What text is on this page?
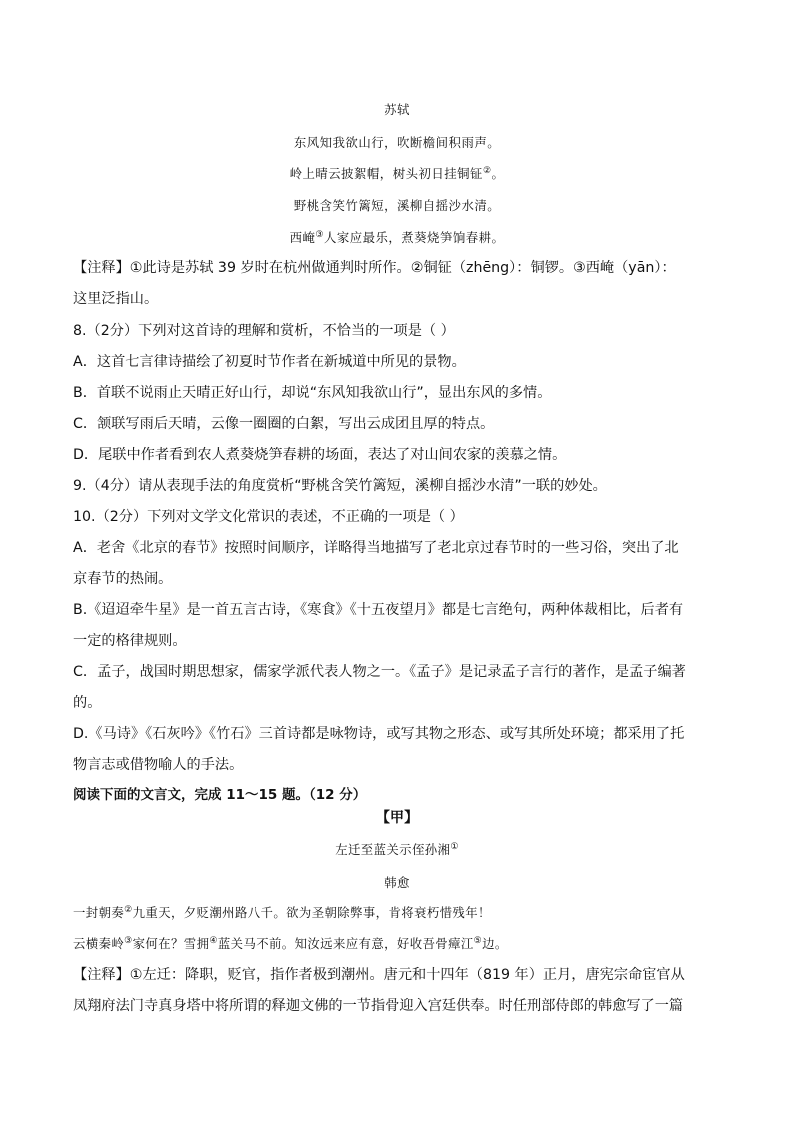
苏轼
东风知我欲山行，吹断檐间积雨声。
岭上晴云披絮帽，树头初日挂铜钲②。
野桃含笑竹篱短，溪柳自摇沙水清。
西崦③人家应最乐，煮葵烧笋饷春耕。
【注释】①此诗是苏轼 39 岁时在杭州做通判时所作。②铜钲（zhēng）：铜锣。③西崦（yān）：
这里泛指山。
8.（2分）下列对这首诗的理解和赏析，不恰当的一项是（ ）
A．这首七言律诗描绘了初夏时节作者在新城道中所见的景物。
B．首联不说雨止天晴正好山行，却说“东风知我欲山行”，显出东风的多情。
C．颔联写雨后天晴，云像一圈圈的白絮，写出云成团且厚的特点。
D．尾联中作者看到农人煮葵烧笋春耕的场面，表达了对山间农家的羡慕之情。
9.（4分）请从表现手法的角度赏析“野桃含笑竹篱短，溪柳自摇沙水清”一联的妙处。
10.（2分）下列对文学文化常识的表述，不正确的一项是（ ）
A．老舍《北京的春节》按照时间顺序，详略得当地描写了老北京过春节时的一些习俗，突出了北
京春节的热闹。
B.《迢迢牵牛星》是一首五言古诗，《寒食》《十五夜望月》都是七言绝句，两种体裁相比，后者有
一定的格律规则。
C．孟子，战国时期思想家，儒家学派代表人物之一。《孟子》是记录孟子言行的著作，是孟子编著
的。
D.《马诗》《石灰吟》《竹石》三首诗都是咏物诗，或写其物之形态、或写其所处环境；都采用了托
物言志或借物喻人的手法。
阅读下面的文言文，完成 11～15 题。（12 分）
【甲】
左迁至蓝关示侄孙湘①
韩愈
一封朝奏②九重天，夕贬潮州路八千。欲为圣朝除弊事，肯将衰朽惜残年！
云横秦岭③家何在？雪拥④蓝关马不前。知汝远来应有意，好收吾骨瘴江⑤边。
【注释】①左迁：降职，贬官，指作者极到潮州。唐元和十四年（819 年）正月，唐宪宗命宦官从
凤翔府法门寺真身塔中将所谓的释迦文佛的一节指骨迎入宫廷供奉。时任刑部侍郎的韩愈写了一篇
